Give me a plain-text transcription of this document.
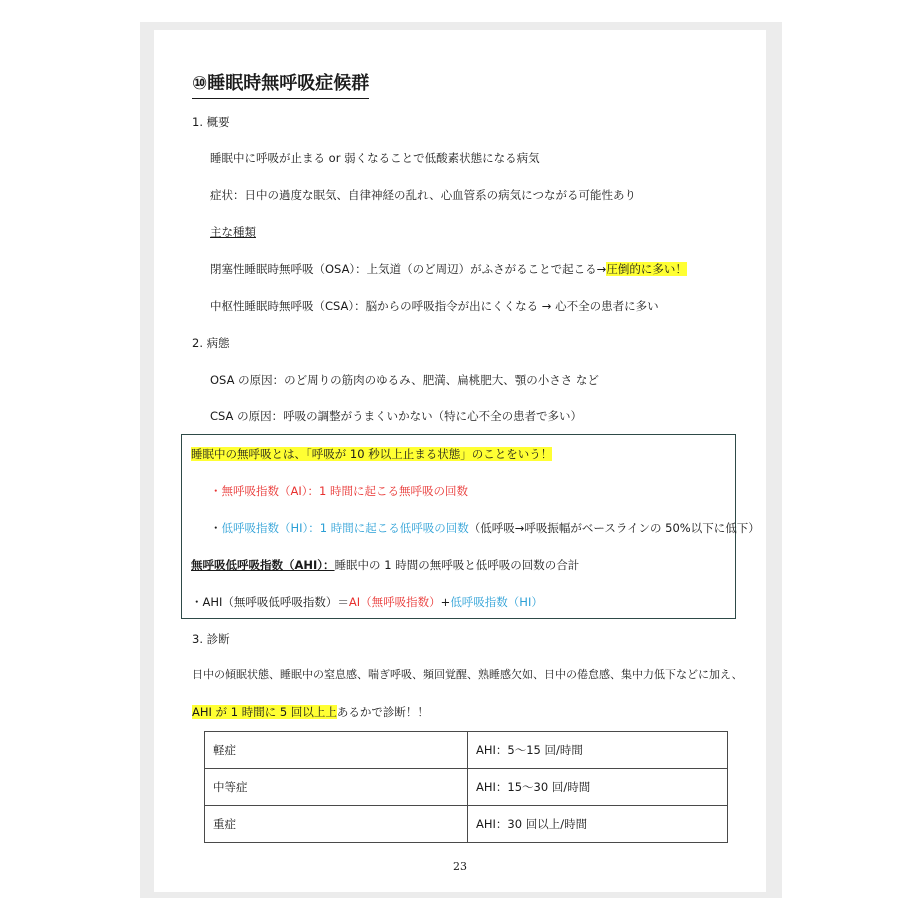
⑩睡眠時無呼吸症候群
1. 概要
睡眠中に呼吸が止まる or 弱くなることで低酸素状態になる病気
症状：日中の過度な眠気、自律神経の乱れ、心血管系の病気につながる可能性あり
主な種類
閉塞性睡眠時無呼吸（OSA）：上気道（のど周辺）がふさがることで起こる→圧倒的に多い！
中枢性睡眠時無呼吸（CSA）：脳からの呼吸指令が出にくくなる → 心不全の患者に多い
2. 病態
OSA の原因：のど周りの筋肉のゆるみ、肥満、扁桃肥大、顎の小ささ など
CSA の原因：呼吸の調整がうまくいかない（特に心不全の患者で多い）
睡眠中の無呼吸とは、「呼吸が 10 秒以上止まる状態」のことをいう！
・無呼吸指数（AI）：1 時間に起こる無呼吸の回数
・低呼吸指数（HI）：1 時間に起こる低呼吸の回数（低呼吸→呼吸振幅がベースラインの 50%以下に低下）
無呼吸低呼吸指数（AHI）：睡眠中の 1 時間の無呼吸と低呼吸の回数の合計
・AHI（無呼吸低呼吸指数）＝AI（無呼吸指数）+低呼吸指数（HI）
3. 診断
日中の傾眠状態、睡眠中の窒息感、喘ぎ呼吸、頻回覚醒、熟睡感欠如、日中の倦怠感、集中力低下などに加え、
AHI が 1 時間に 5 回以上上あるかで診断！！
軽症	AHI：5〜15 回/時間
中等症	AHI：15〜30 回/時間
重症	AHI：30 回以上/時間
23
